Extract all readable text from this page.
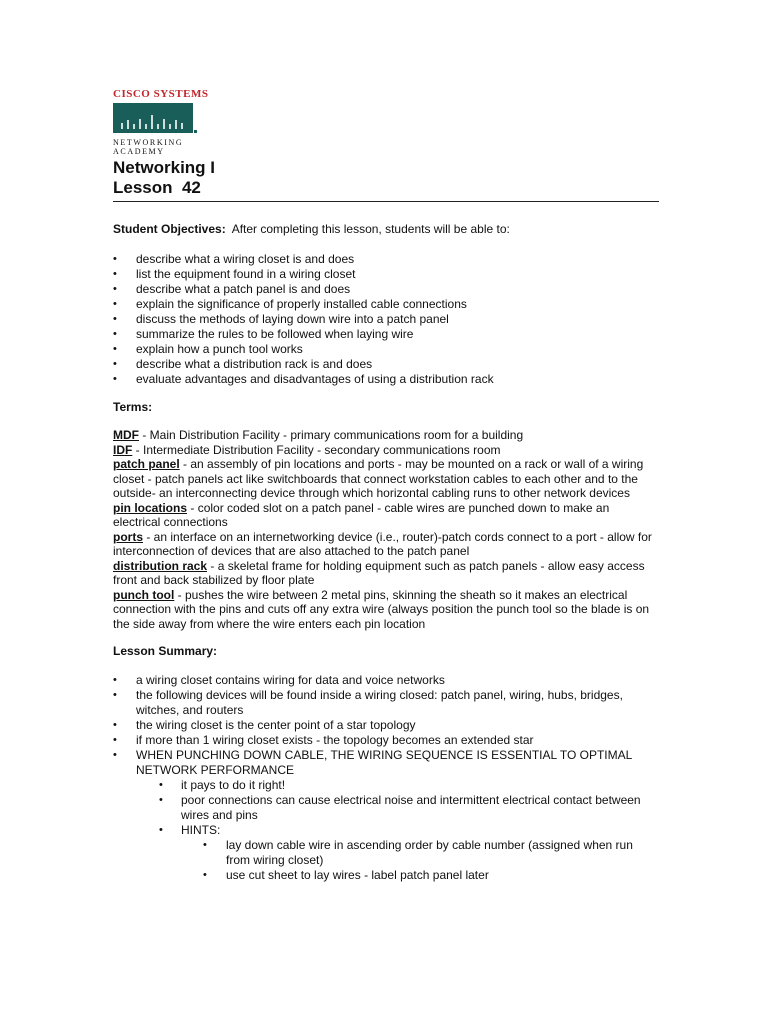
CISCO SYSTEMS
NETWORKING
ACADEMY
Networking I
Lesson  42
Student Objectives:  After completing this lesson, students will be able to:
• describe what a wiring closet is and does
• list the equipment found in a wiring closet
• describe what a patch panel is and does
• explain the significance of properly installed cable connections
• discuss the methods of laying down wire into a patch panel
• summarize the rules to be followed when laying wire
• explain how a punch tool works
• describe what a distribution rack is and does
• evaluate advantages and disadvantages of using a distribution rack
Terms:
MDF - Main Distribution Facility - primary communications room for a building
IDF - Intermediate Distribution Facility - secondary communications room
patch panel - an assembly of pin locations and ports - may be mounted on a rack or wall of a wiring closet - patch panels act like switchboards that connect workstation cables to each other and to the outside- an interconnecting device through which horizontal cabling runs to other network devices
pin locations - color coded slot on a patch panel - cable wires are punched down to make an electrical connections
ports - an interface on an internetworking device (i.e., router)-patch cords connect to a port - allow for interconnection of devices that are also attached to the patch panel
distribution rack - a skeletal frame for holding equipment such as patch panels - allow easy access front and back stabilized by floor plate
punch tool - pushes the wire between 2 metal pins, skinning the sheath so it makes an electrical connection with the pins and cuts off any extra wire (always position the punch tool so the blade is on the side away from where the wire enters each pin location
Lesson Summary:
• a wiring closet contains wiring for data and voice networks
• the following devices will be found inside a wiring closed: patch panel, wiring, hubs, bridges, witches, and routers
• the wiring closet is the center point of a star topology
• if more than 1 wiring closet exists - the topology becomes an extended star
• WHEN PUNCHING DOWN CABLE, THE WIRING SEQUENCE IS ESSENTIAL TO OPTIMAL NETWORK PERFORMANCE
• it pays to do it right!
• poor connections can cause electrical noise and intermittent electrical contact between wires and pins
• HINTS:
• lay down cable wire in ascending order by cable number (assigned when run from wiring closet)
• use cut sheet to lay wires - label patch panel later
